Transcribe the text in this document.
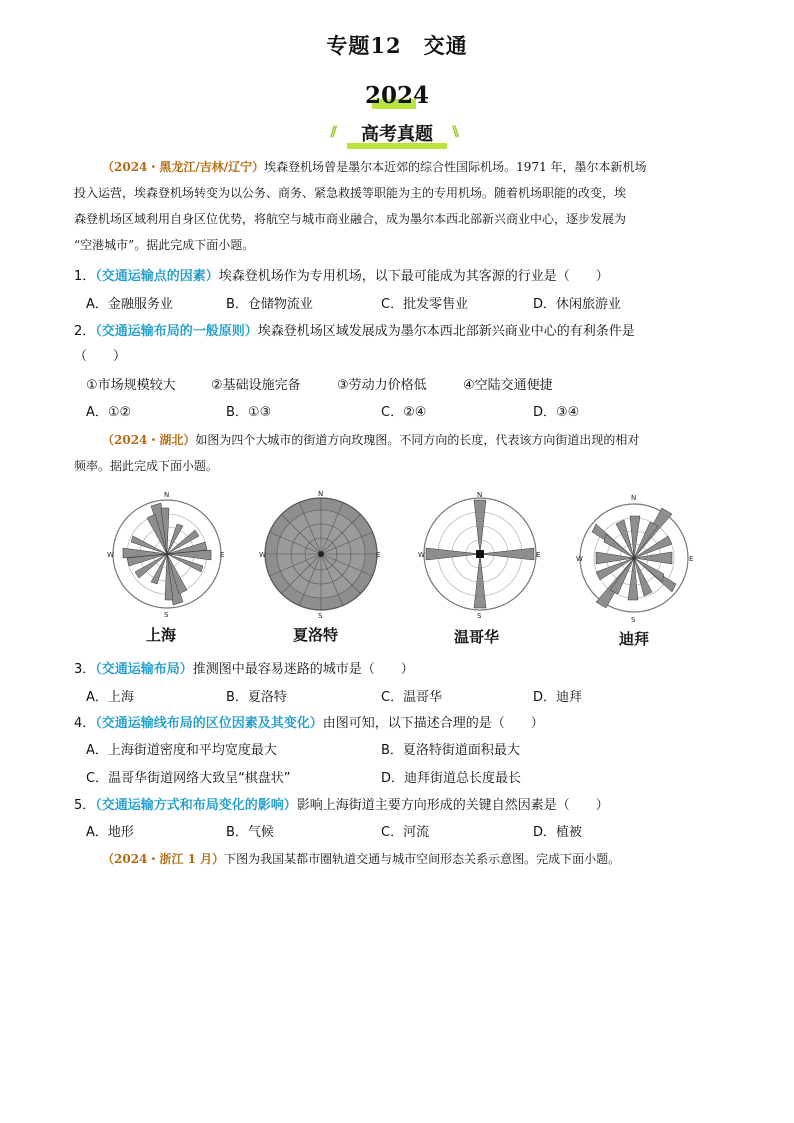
专题12　交通
2024
//	高考真题	\\
（2024・黑龙江/吉林/辽宁）埃森登机场曾是墨尔本近郊的综合性国际机场。1971 年，墨尔本新机场
投入运营，埃森登机场转变为以公务、商务、紧急救援等职能为主的专用机场。随着机场职能的改变，埃
森登机场区域利用自身区位优势，将航空与城市商业融合，成为墨尔本西北部新兴商业中心，逐步发展为
“空港城市”。据此完成下面小题。
1．（交通运输点的因素）埃森登机场作为专用机场，以下最可能成为其客源的行业是（　　）
A．金融服务业	B．仓储物流业	C．批发零售业	D．休闲旅游业
2．（交通运输布局的一般原则）埃森登机场区域发展成为墨尔本西北部新兴商业中心的有利条件是
（　　）
①市场规模较大	②基础设施完备	③劳动力价格低	④空陆交通便捷
A．①②	B．①③	C．②④	D．③④
（2024・湖北）如图为四个大城市的街道方向玫瑰图。不同方向的长度，代表该方向街道出现的相对
频率。据此完成下面小题。
N
E
S
W
上海
N
E
S
W
夏洛特
N
E
S
W
温哥华
N
E
S
W
迪拜
3．（交通运输布局）推测图中最容易迷路的城市是（　　）
A．上海	B．夏洛特	C．温哥华	D．迪拜
4．（交通运输线布局的区位因素及其变化）由图可知，以下描述合理的是（　　）
A．上海街道密度和平均宽度最大	B．夏洛特街道面积最大
C．温哥华街道网络大致呈“棋盘状”	D．迪拜街道总长度最长
5．（交通运输方式和布局变化的影响）影响上海街道主要方向形成的关键自然因素是（　　）
A．地形	B．气候	C．河流	D．植被
（2024・浙江 1 月）下图为我国某都市圈轨道交通与城市空间形态关系示意图。完成下面小题。
